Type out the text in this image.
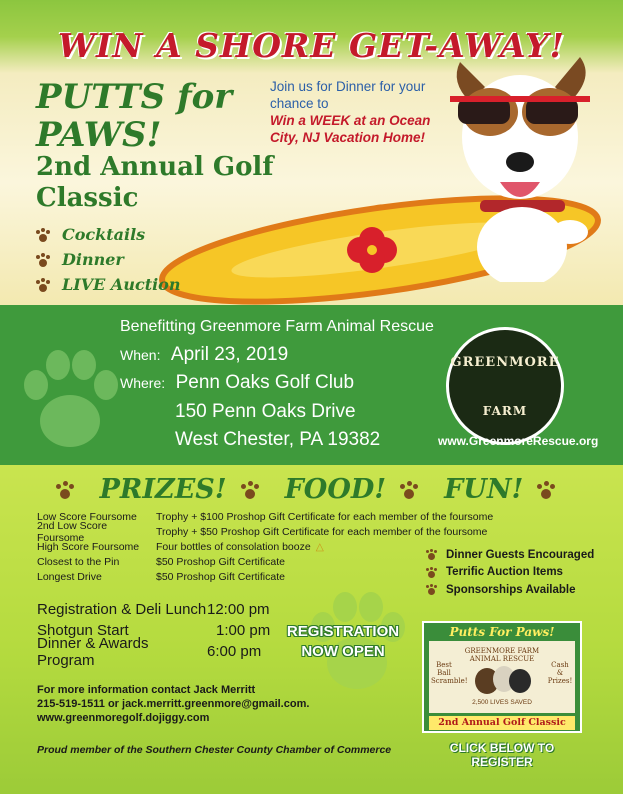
WIN A SHORE GET-AWAY!
PUTTS for PAWS!
2nd Annual Golf Classic
Cocktails
Dinner
LIVE Auction
Join us for Dinner for your chance to
Win a WEEK at an Ocean City, NJ Vacation Home!
Benefitting Greenmore Farm Animal Rescue
When: April 23, 2019
Where: Penn Oaks Golf Club
150 Penn Oaks Drive
West Chester, PA 19382
GREENMORE
FARM
www.GreenmoreRescue.org
PRIZES! FOOD! FUN!
Low Score Foursome	Trophy + $100 Proshop Gift Certificate for each member of the foursome
2nd Low Score Foursome	Trophy + $50 Proshop Gift Certificate for each member of the foursome
High Score Foursome	Four bottles of consolation booze △
Closest to the Pin	$50 Proshop Gift Certificate
Longest Drive	$50 Proshop Gift Certificate
Dinner Guests Encouraged
Terrific Auction Items
Sponsorships Available
Registration & Deli Lunch 12:00 pm
Shotgun Start	1:00 pm
Dinner & Awards Program	6:00 pm
REGISTRATION
NOW OPEN
For more information contact Jack Merritt
215-519-1511 or jack.merritt.greenmore@gmail.com.
www.greenmoregolf.dojiggy.com
Proud member of the Southern Chester County Chamber of Commerce
Putts For Paws!
Best Ball Scramble!
Cash & Prizes!
GREENMORE FARM ANIMAL RESCUE
2,500 LIVES SAVED
2nd Annual Golf Classic
CLICK BELOW TO REGISTER
